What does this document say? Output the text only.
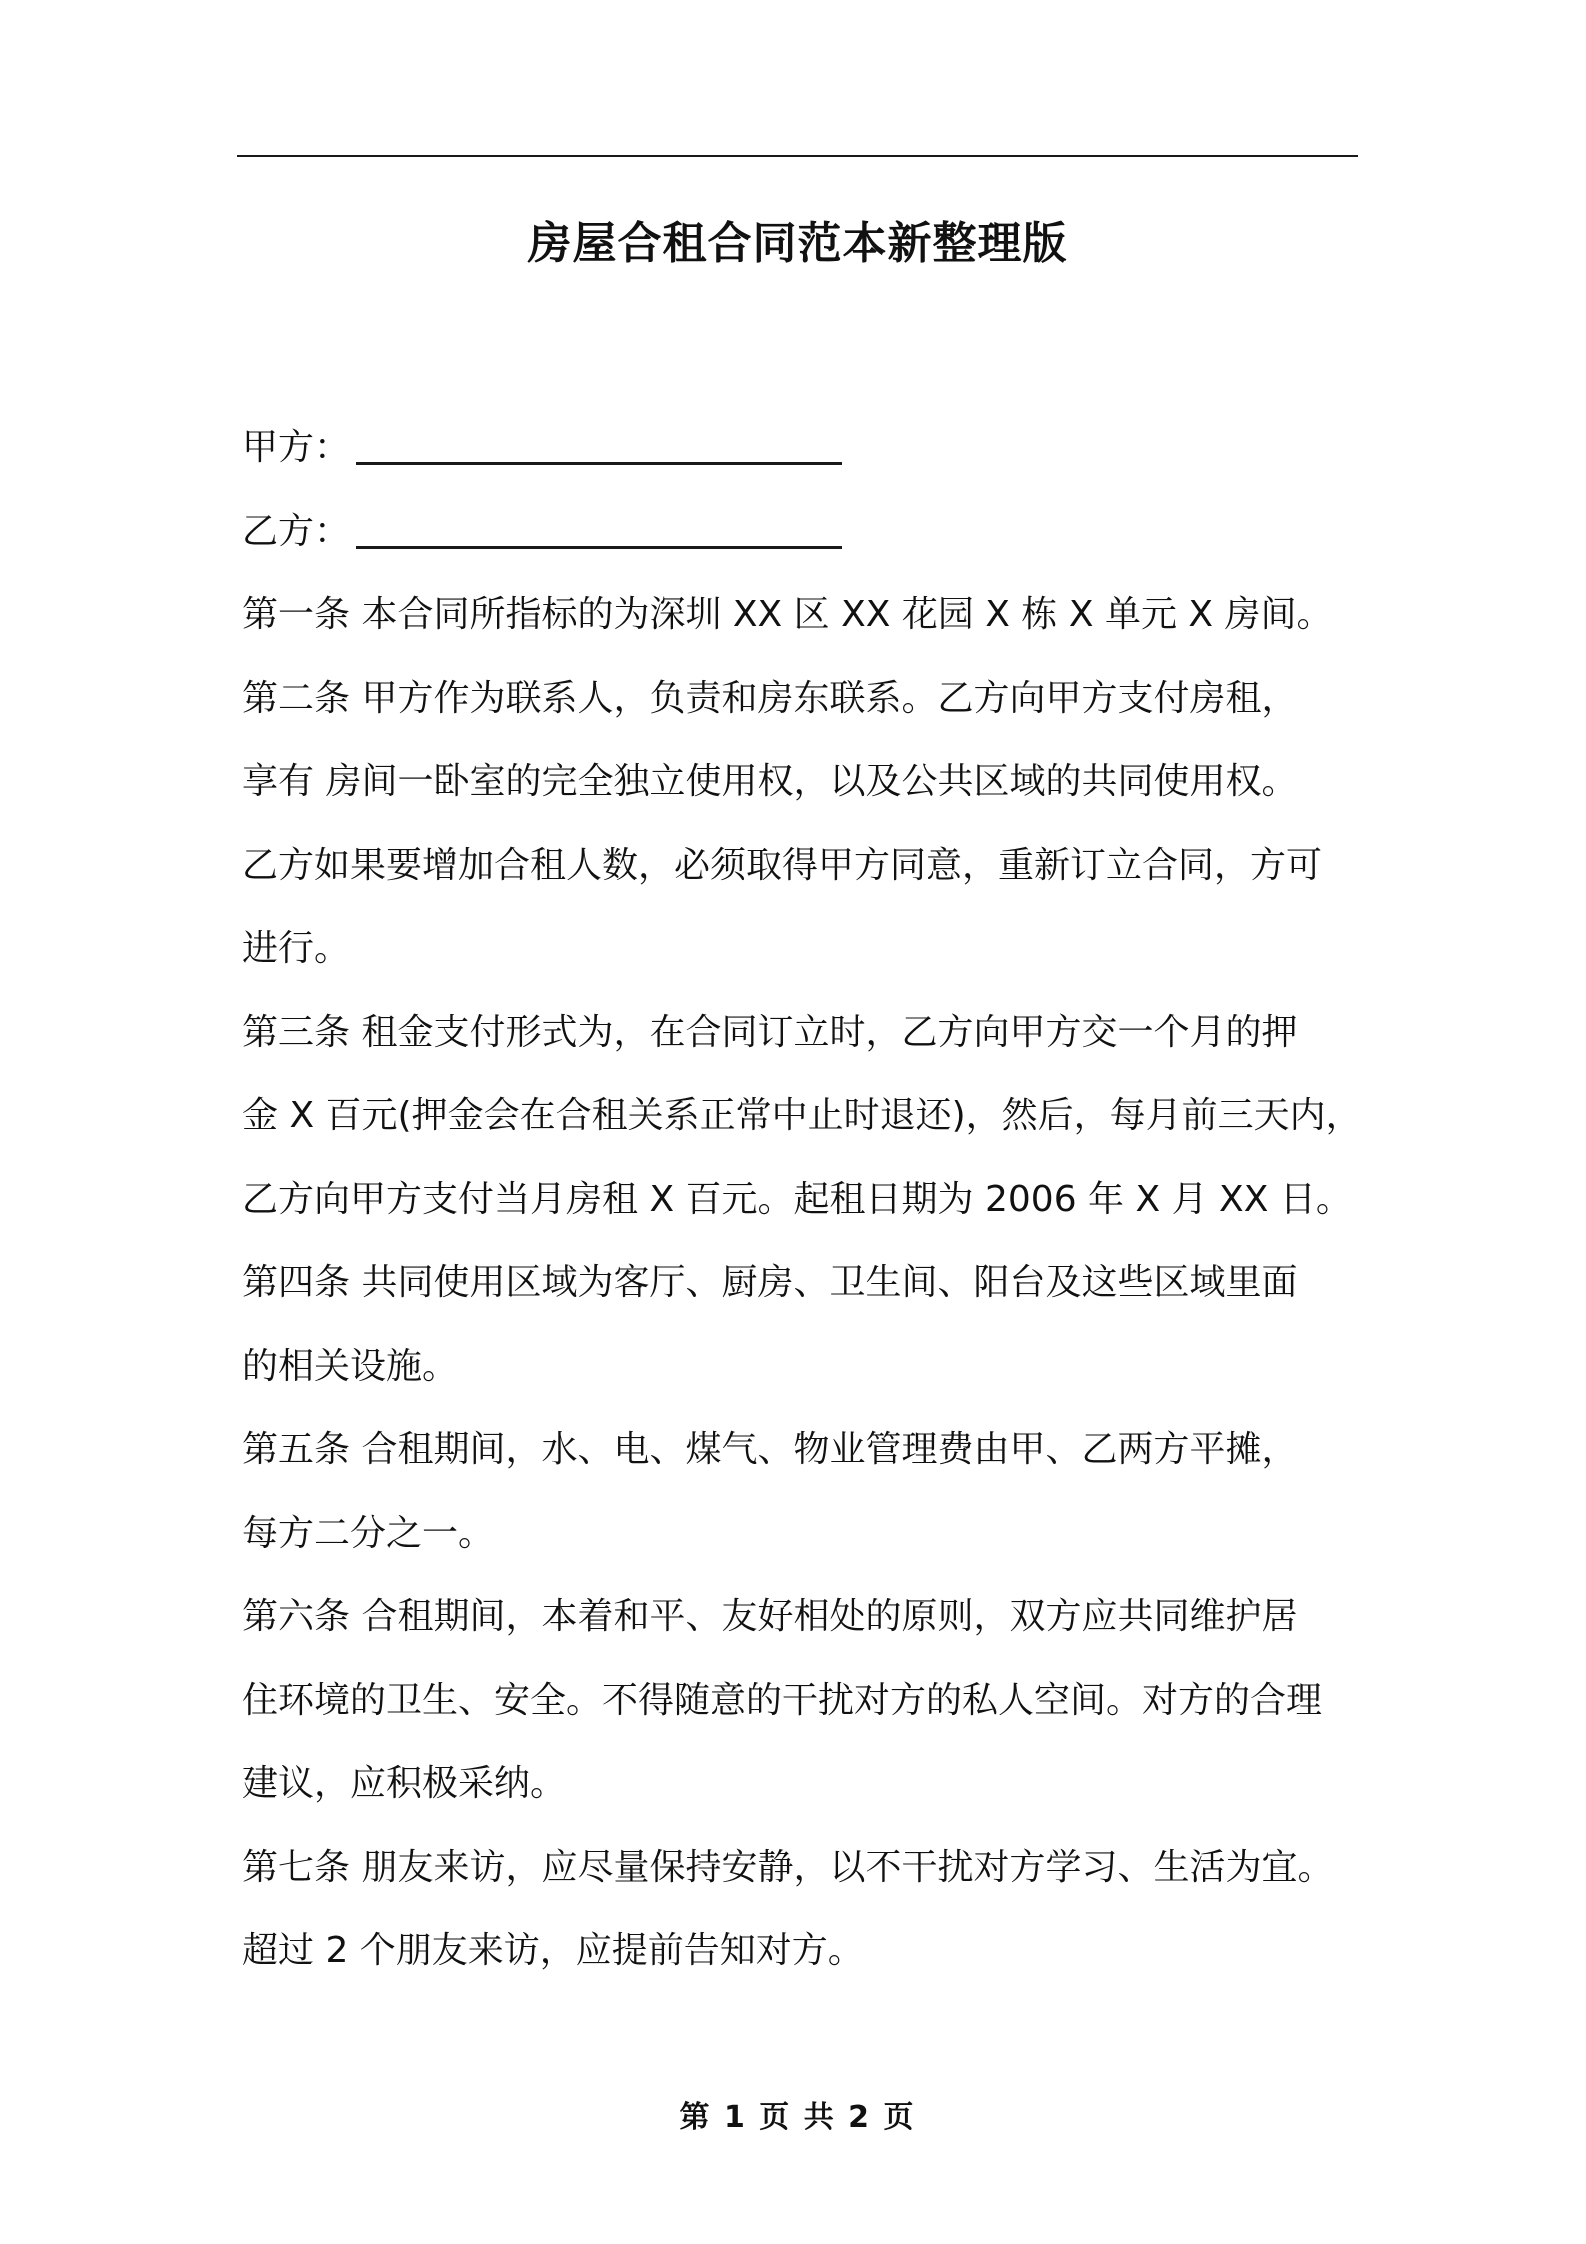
房屋合租合同范本新整理版
甲方：
乙方：
第一条 本合同所指标的为深圳 XX 区 XX 花园 X 栋 X 单元 X 房间。
第二条 甲方作为联系人，负责和房东联系。乙方向甲方支付房租，
享有 房间一卧室的完全独立使用权，以及公共区域的共同使用权。
乙方如果要增加合租人数，必须取得甲方同意，重新订立合同，方可
进行。
第三条 租金支付形式为，在合同订立时，乙方向甲方交一个月的押
金 X 百元(押金会在合租关系正常中止时退还)，然后，每月前三天内，
乙方向甲方支付当月房租 X 百元。起租日期为 2006 年 X 月 XX 日。
第四条 共同使用区域为客厅、厨房、卫生间、阳台及这些区域里面
的相关设施。
第五条 合租期间，水、电、煤气、物业管理费由甲、乙两方平摊，
每方二分之一。
第六条 合租期间，本着和平、友好相处的原则，双方应共同维护居
住环境的卫生、安全。不得随意的干扰对方的私人空间。对方的合理
建议，应积极采纳。
第七条 朋友来访，应尽量保持安静，以不干扰对方学习、生活为宜。
超过 2 个朋友来访，应提前告知对方。
第 1 页 共 2 页
